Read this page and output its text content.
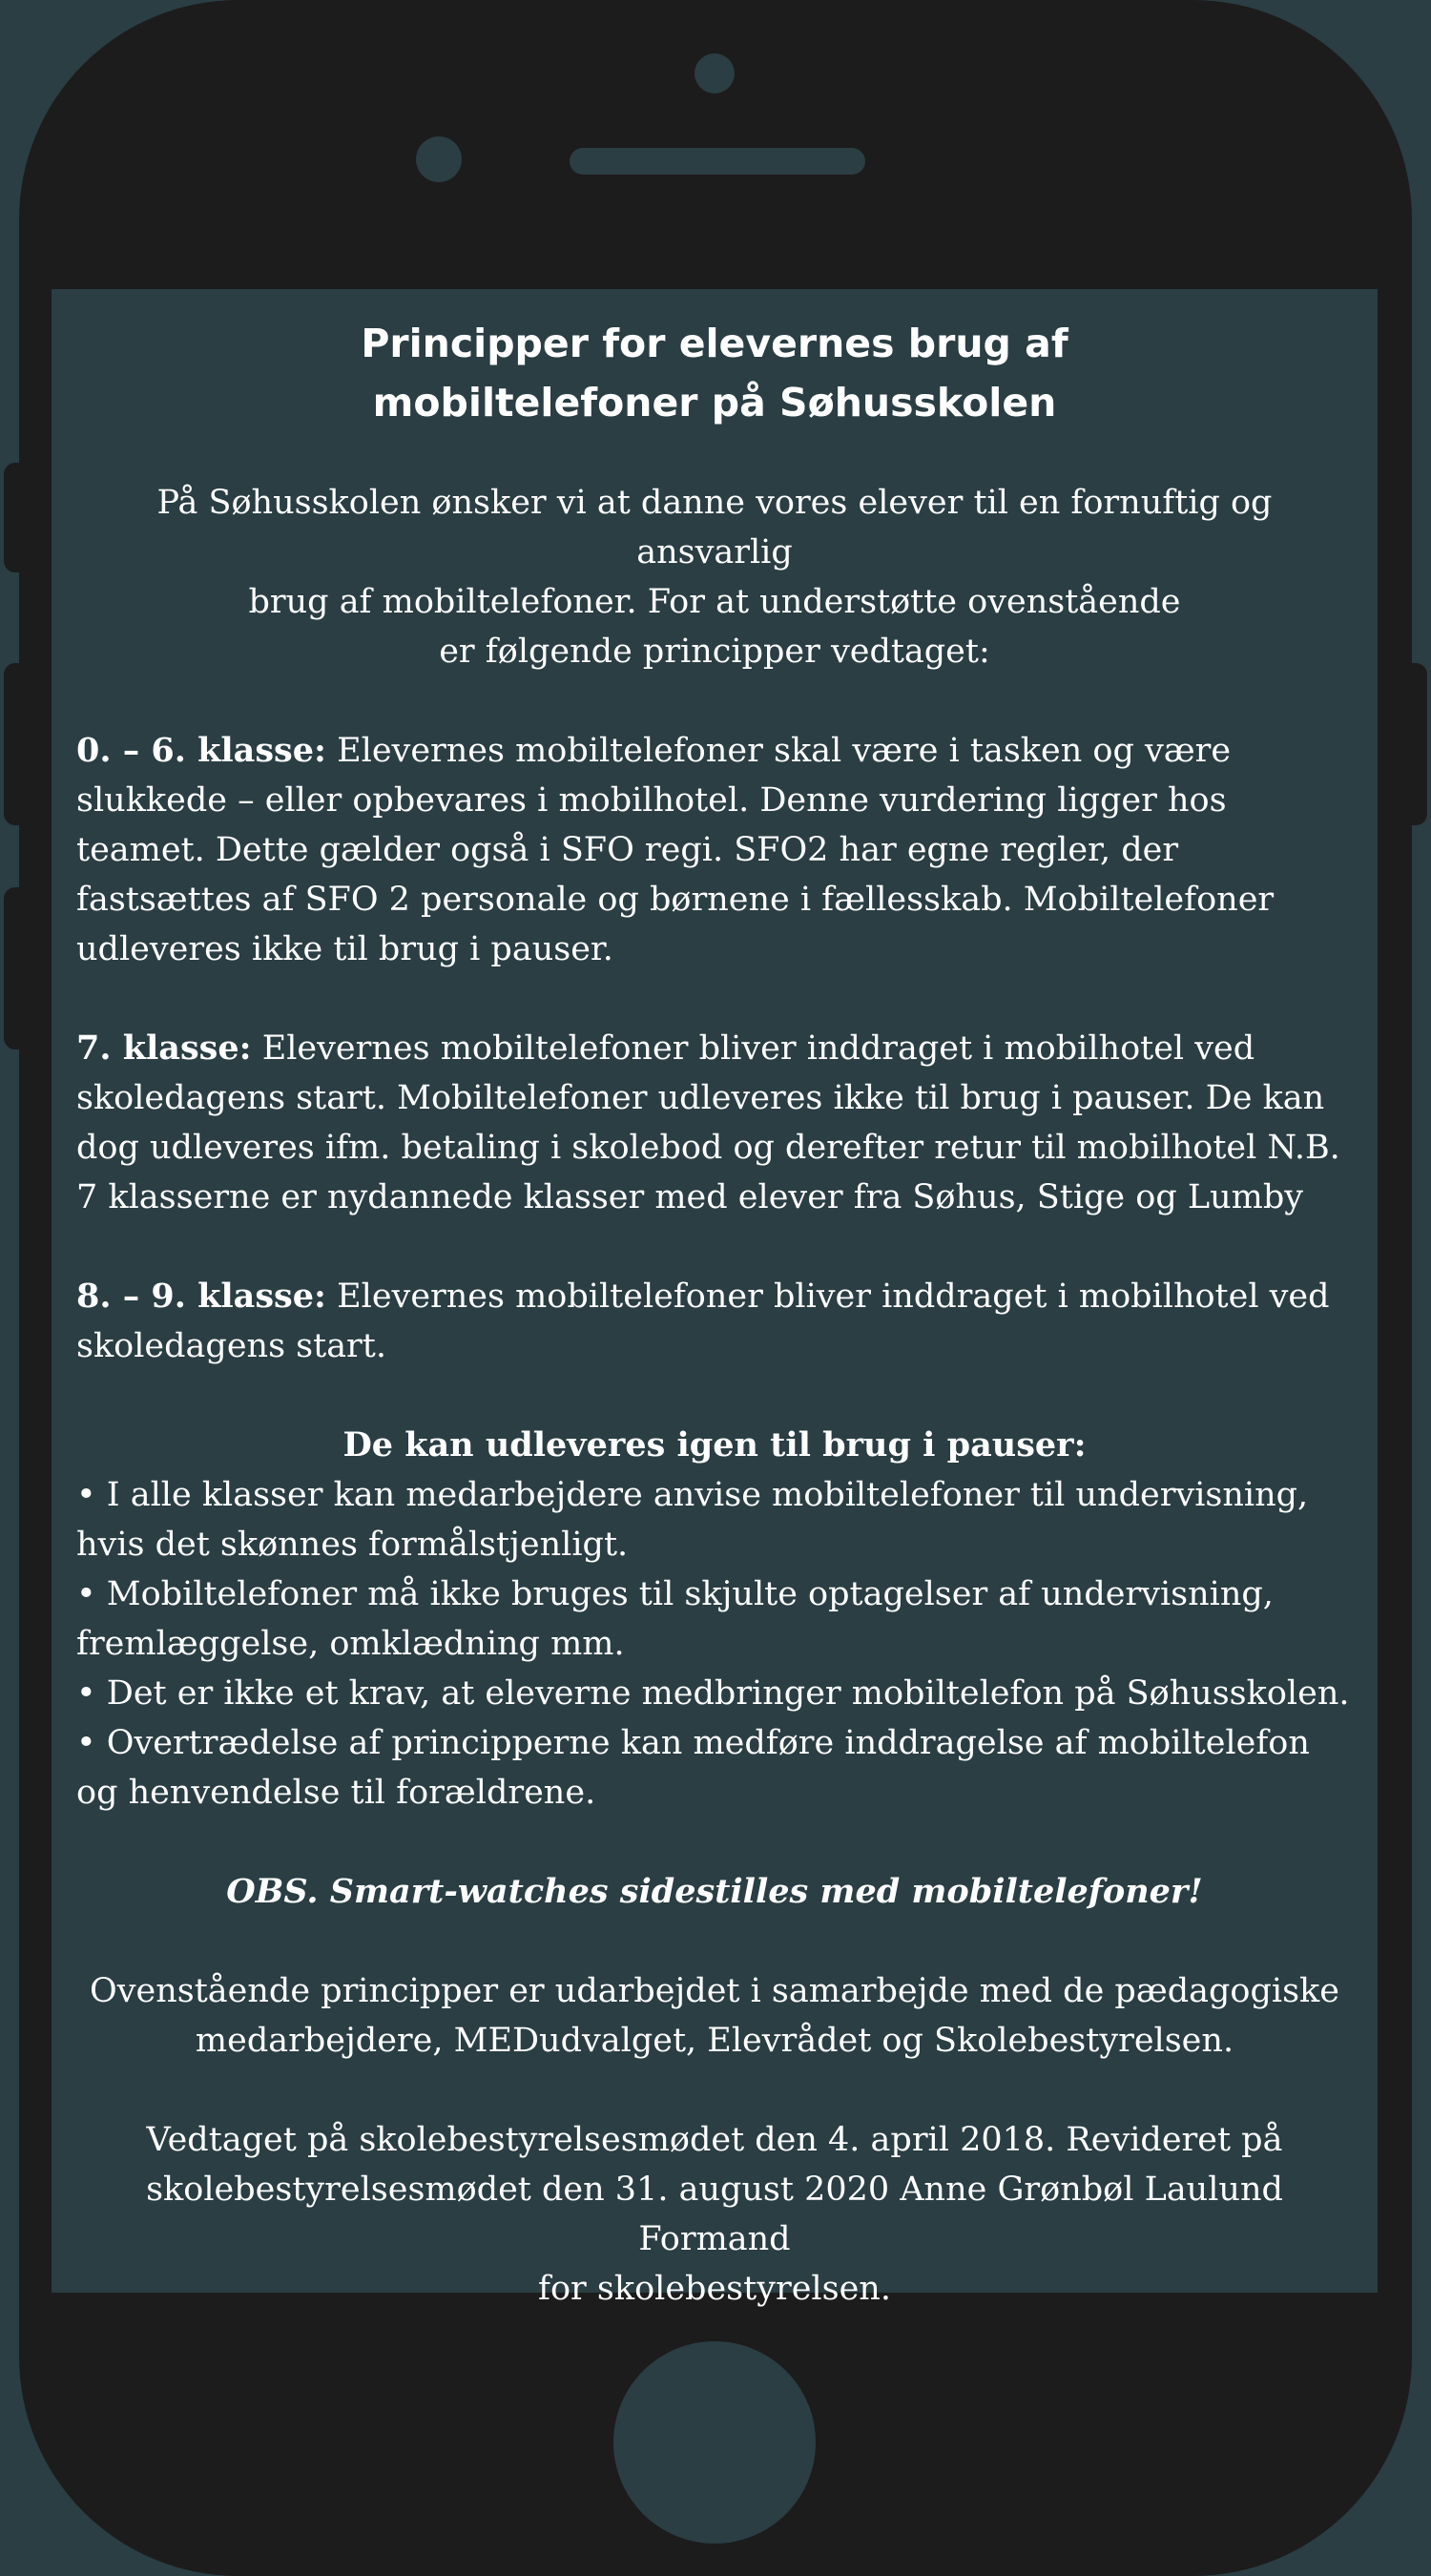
Principper for elevernes brug af
mobiltelefoner på Søhusskolen

På Søhusskolen ønsker vi at danne vores elever til en fornuftig og ansvarlig
brug af mobiltelefoner. For at understøtte ovenstående
er følgende principper vedtaget:

0. – 6. klasse: Elevernes mobiltelefoner skal være i tasken og være slukkede – eller opbevares i mobilhotel. Denne vurdering ligger hos teamet. Dette gælder også i SFO regi. SFO2 har egne regler, der fastsættes af SFO 2 personale og børnene i fællesskab. Mobiltelefoner udleveres ikke til brug i pauser.

7. klasse: Elevernes mobiltelefoner bliver inddraget i mobilhotel ved skoledagens start. Mobiltelefoner udleveres ikke til brug i pauser. De kan dog udleveres ifm. betaling i skolebod og derefter retur til mobilhotel N.B. 7 klasserne er nydannede klasser med elever fra Søhus, Stige og Lumby

8. – 9. klasse: Elevernes mobiltelefoner bliver inddraget i mobilhotel ved skoledagens start.

De kan udleveres igen til brug i pauser:

• I alle klasser kan medarbejdere anvise mobiltelefoner til undervisning, hvis det skønnes formålstjenligt.
• Mobiltelefoner må ikke bruges til skjulte optagelser af undervisning, fremlæggelse, omklædning mm.
• Det er ikke et krav, at eleverne medbringer mobiltelefon på Søhusskolen.
• Overtrædelse af principperne kan medføre inddragelse af mobiltelefon og henvendelse til forældrene.

OBS. Smart-watches sidestilles med mobiltelefoner!

Ovenstående principper er udarbejdet i samarbejde med de pædagogiske
medarbejdere, MEDudvalget, Elevrådet og Skolebestyrelsen.

Vedtaget på skolebestyrelsesmødet den 4. april 2018. Revideret på
skolebestyrelsesmødet den 31. august 2020 Anne Grønbøl Laulund Formand
for skolebestyrelsen.
